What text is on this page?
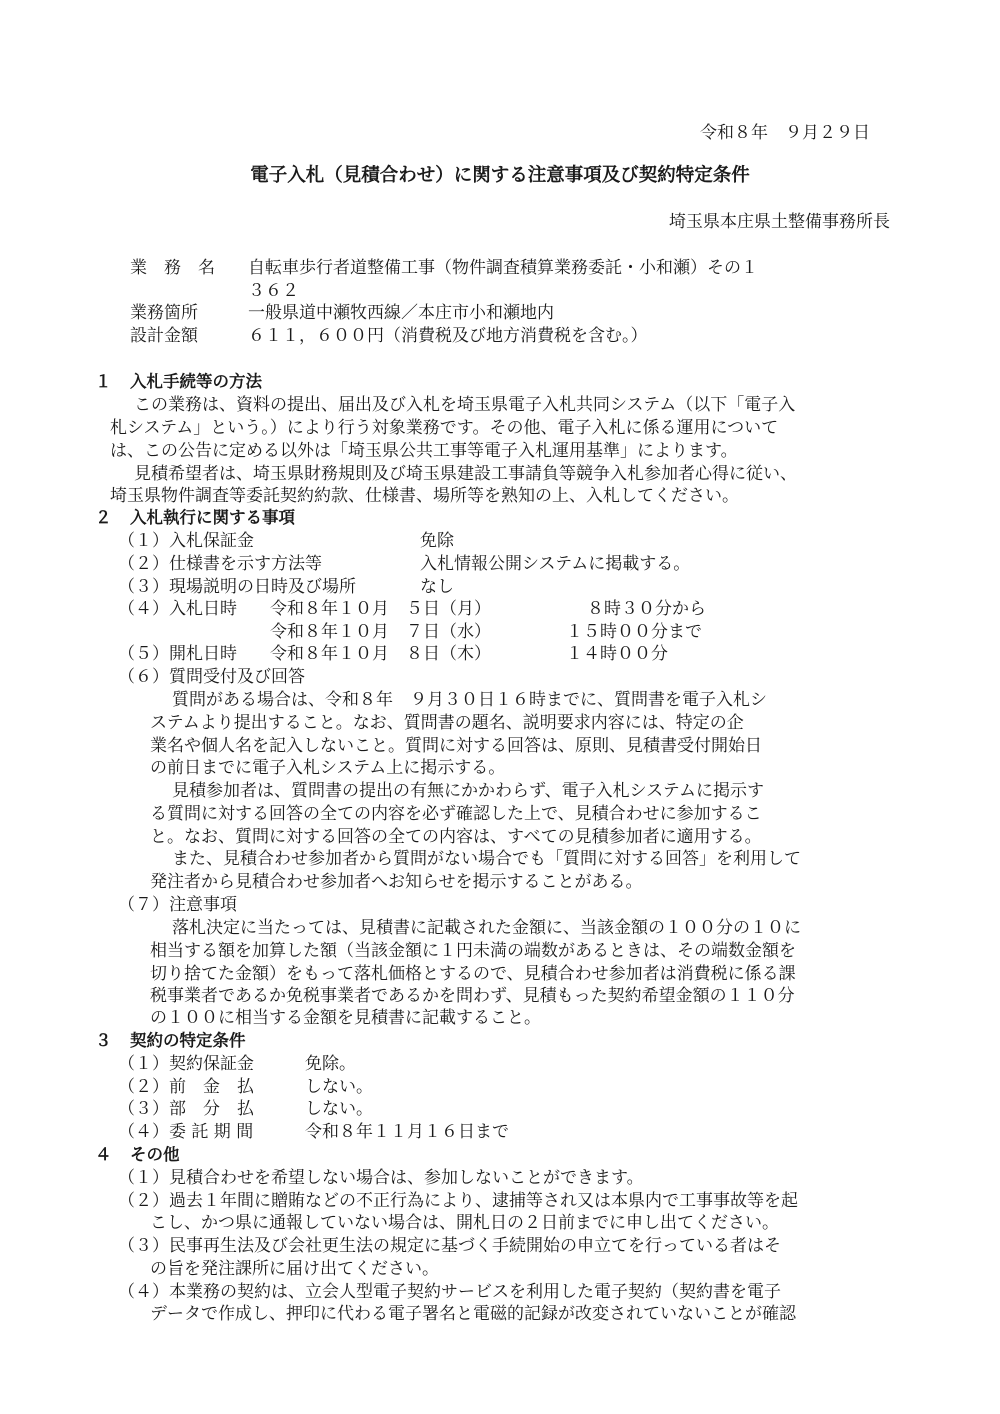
令和８年　９月２９日
電子入札（見積合わせ）に関する注意事項及び契約特定条件
埼玉県本庄県土整備事務所長
業　務　名 自転車歩行者道整備工事（物件調査積算業務委託・小和瀬）その１
３６２
業務箇所	一般県道中瀬牧西線／本庄市小和瀬地内
設計金額	６１１，６００円（消費税及び地方消費税を含む。）
１ 入札手続等の方法
この業務は、資料の提出、届出及び入札を埼玉県電子入札共同システム（以下「電子入
札システム」という。）により行う対象業務です。その他、電子入札に係る運用について
は、この公告に定める以外は「埼玉県公共工事等電子入札運用基準」によります。
見積希望者は、埼玉県財務規則及び埼玉県建設工事請負等競争入札参加者心得に従い、
埼玉県物件調査等委託契約約款、仕様書、場所等を熟知の上、入札してください。
２ 入札執行に関する事項
（１）入札保証金	免除
（２）仕様書を示す方法等	入札情報公開システムに掲載する。
（３）現場説明の日時及び場所	なし
（４）入札日時 令和８年１０月　５日（月）	８時３０分から
令和８年１０月　７日（水）	１５時００分まで
（５）開札日時 令和８年１０月　８日（木）	１４時００分
（６）質問受付及び回答
質問がある場合は、令和８年　９月３０日１６時までに、質問書を電子入札シ
ステムより提出すること。なお、質問書の題名、説明要求内容には、特定の企
業名や個人名を記入しないこと。質問に対する回答は、原則、見積書受付開始日
の前日までに電子入札システム上に掲示する。
見積参加者は、質問書の提出の有無にかかわらず、電子入札システムに掲示す
る質問に対する回答の全ての内容を必ず確認した上で、見積合わせに参加するこ
と。なお、質問に対する回答の全ての内容は、すべての見積参加者に適用する。
また、見積合わせ参加者から質問がない場合でも「質問に対する回答」を利用して
発注者から見積合わせ参加者へお知らせを掲示することがある。
（７）注意事項
落札決定に当たっては、見積書に記載された金額に、当該金額の１００分の１０に
相当する額を加算した額（当該金額に１円未満の端数があるときは、その端数金額を
切り捨てた金額）をもって落札価格とするので、見積合わせ参加者は消費税に係る課
税事業者であるか免税事業者であるかを問わず、見積もった契約希望金額の１１０分
の１００に相当する金額を見積書に記載すること。
３ 契約の特定条件
（１）契約保証金	免除。
（２）前　金　払	しない。
（３）部　分　払	しない。
（４）委 託 期 間	令和８年１１月１６日まで
４ その他
（１）見積合わせを希望しない場合は、参加しないことができます。
（２）過去１年間に贈賄などの不正行為により、逮捕等され又は本県内で工事事故等を起
こし、かつ県に通報していない場合は、開札日の２日前までに申し出てください。
（３）民事再生法及び会社更生法の規定に基づく手続開始の申立てを行っている者はそ
の旨を発注課所に届け出てください。
（４）本業務の契約は、立会人型電子契約サービスを利用した電子契約（契約書を電子
データで作成し、押印に代わる電子署名と電磁的記録が改変されていないことが確認
